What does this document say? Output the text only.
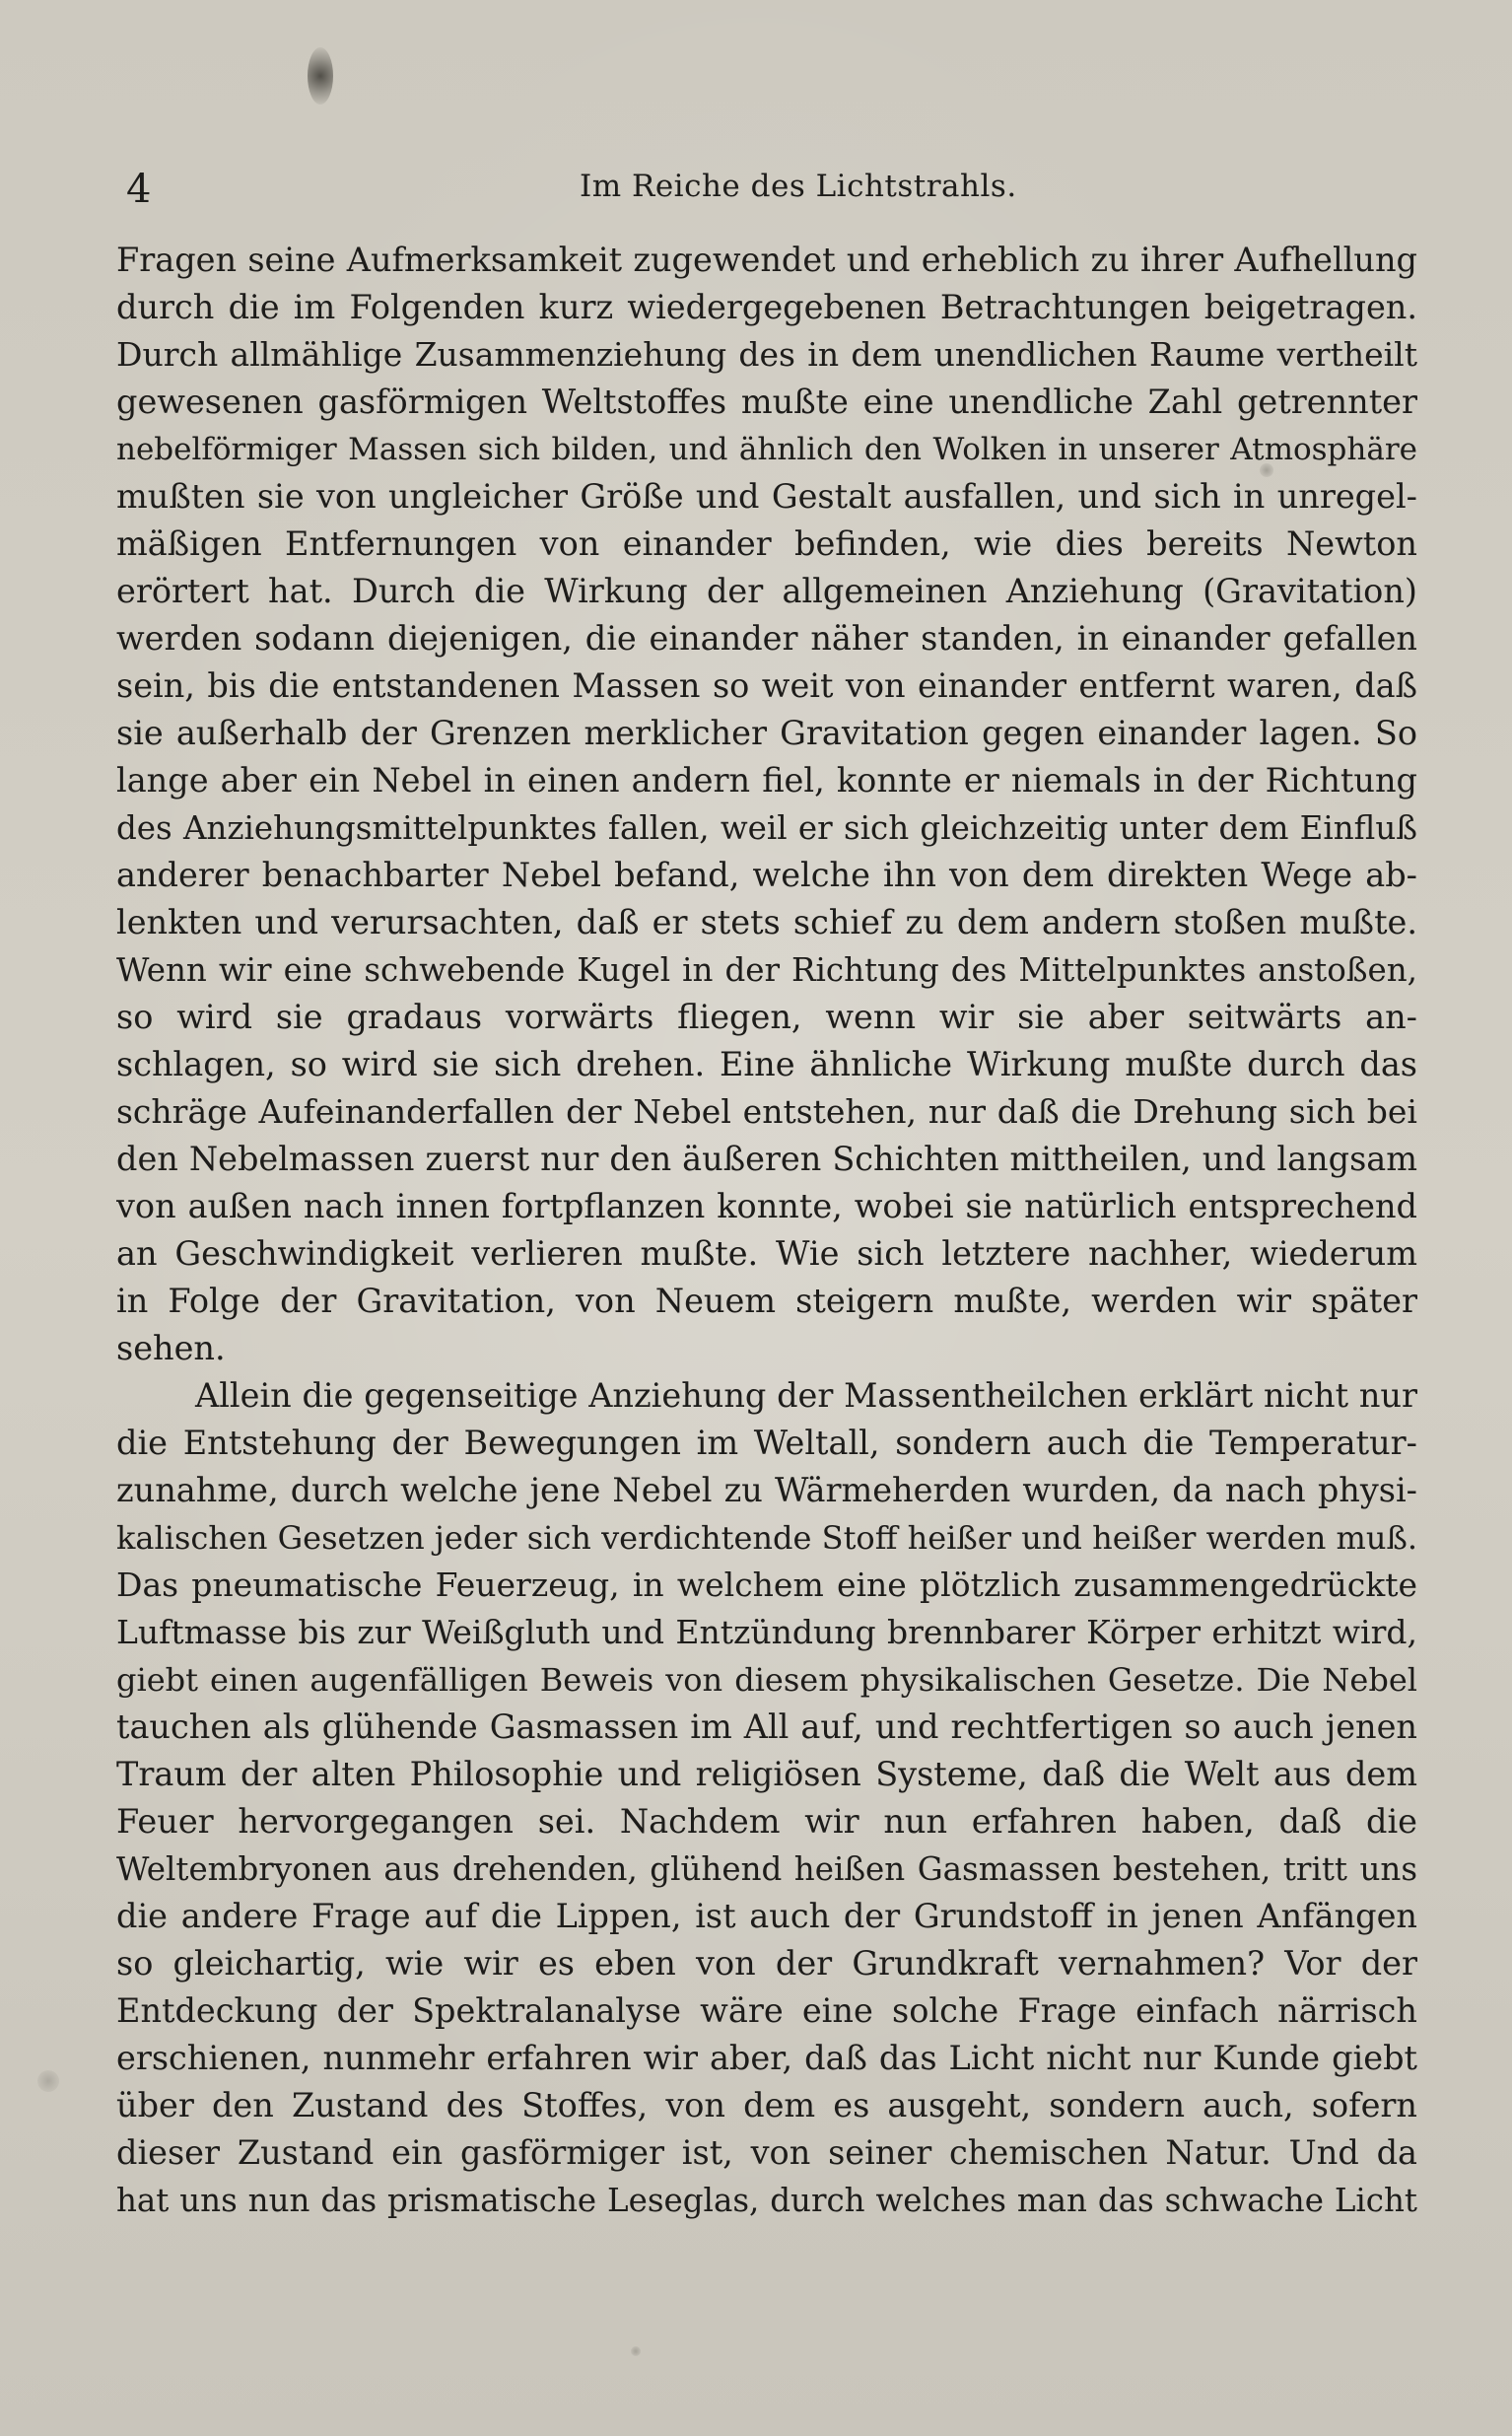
4	Im Reiche des Lichtstrahls.
Fragen seine Aufmerksamkeit zugewendet und erheblich zu ihrer Aufhellung
durch die im Folgenden kurz wiedergegebenen Betrachtungen beigetragen.
Durch allmählige Zusammenziehung des in dem unendlichen Raume vertheilt
gewesenen gasförmigen Weltstoffes mußte eine unendliche Zahl getrennter
nebelförmiger Massen sich bilden, und ähnlich den Wolken in unserer Atmosphäre
mußten sie von ungleicher Größe und Gestalt ausfallen, und sich in unregel-
mäßigen Entfernungen von einander befinden, wie dies bereits Newton
erörtert hat. Durch die Wirkung der allgemeinen Anziehung (Gravitation)
werden sodann diejenigen, die einander näher standen, in einander gefallen
sein, bis die entstandenen Massen so weit von einander entfernt waren, daß
sie außerhalb der Grenzen merklicher Gravitation gegen einander lagen. So
lange aber ein Nebel in einen andern fiel, konnte er niemals in der Richtung
des Anziehungsmittelpunktes fallen, weil er sich gleichzeitig unter dem Einfluß
anderer benachbarter Nebel befand, welche ihn von dem direkten Wege ab-
lenkten und verursachten, daß er stets schief zu dem andern stoßen mußte.
Wenn wir eine schwebende Kugel in der Richtung des Mittelpunktes anstoßen,
so wird sie gradaus vorwärts fliegen, wenn wir sie aber seitwärts an-
schlagen, so wird sie sich drehen. Eine ähnliche Wirkung mußte durch das
schräge Aufeinanderfallen der Nebel entstehen, nur daß die Drehung sich bei
den Nebelmassen zuerst nur den äußeren Schichten mittheilen, und langsam
von außen nach innen fortpflanzen konnte, wobei sie natürlich entsprechend
an Geschwindigkeit verlieren mußte. Wie sich letztere nachher, wiederum
in Folge der Gravitation, von Neuem steigern mußte, werden wir später
sehen.
Allein die gegenseitige Anziehung der Massentheilchen erklärt nicht nur
die Entstehung der Bewegungen im Weltall, sondern auch die Temperatur-
zunahme, durch welche jene Nebel zu Wärmeherden wurden, da nach physi-
kalischen Gesetzen jeder sich verdichtende Stoff heißer und heißer werden muß.
Das pneumatische Feuerzeug, in welchem eine plötzlich zusammengedrückte
Luftmasse bis zur Weißgluth und Entzündung brennbarer Körper erhitzt wird,
giebt einen augenfälligen Beweis von diesem physikalischen Gesetze. Die Nebel
tauchen als glühende Gasmassen im All auf, und rechtfertigen so auch jenen
Traum der alten Philosophie und religiösen Systeme, daß die Welt aus dem
Feuer hervorgegangen sei. Nachdem wir nun erfahren haben, daß die
Weltembryonen aus drehenden, glühend heißen Gasmassen bestehen, tritt uns
die andere Frage auf die Lippen, ist auch der Grundstoff in jenen Anfängen
so gleichartig, wie wir es eben von der Grundkraft vernahmen? Vor der
Entdeckung der Spektralanalyse wäre eine solche Frage einfach närrisch
erschienen, nunmehr erfahren wir aber, daß das Licht nicht nur Kunde giebt
über den Zustand des Stoffes, von dem es ausgeht, sondern auch, sofern
dieser Zustand ein gasförmiger ist, von seiner chemischen Natur. Und da
hat uns nun das prismatische Leseglas, durch welches man das schwache Licht
